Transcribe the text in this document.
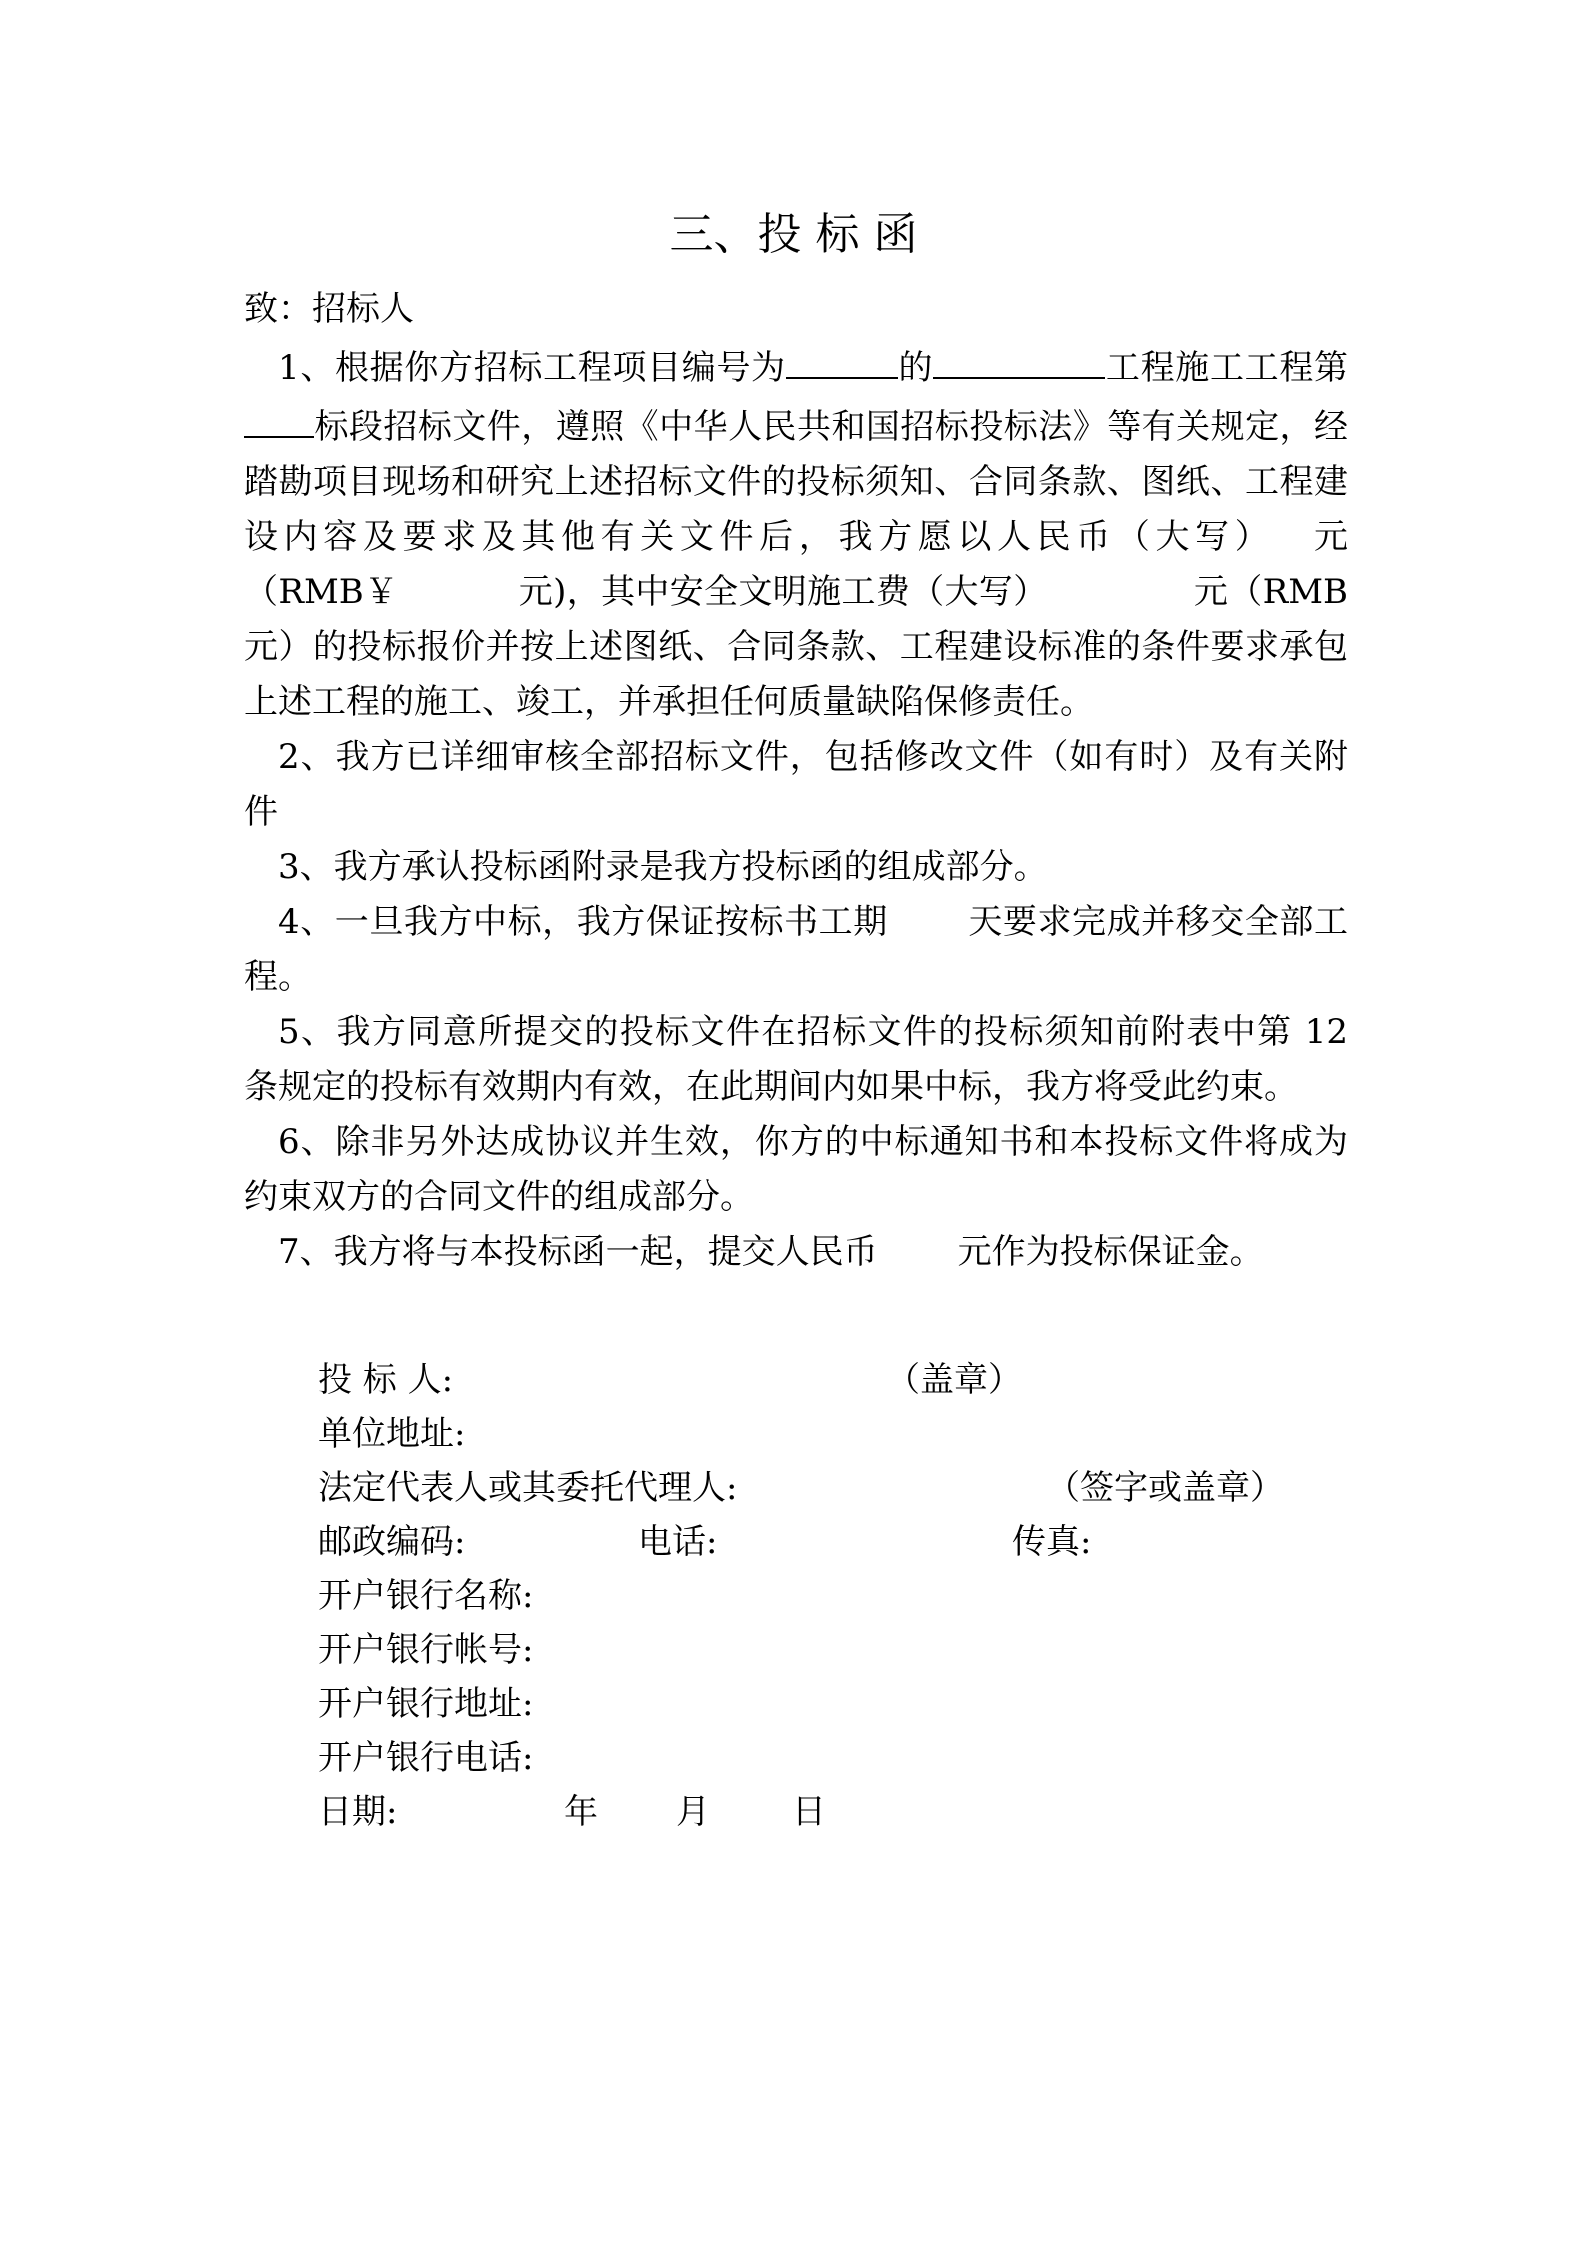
三、投 标 函

致：招标人

1、根据你方招标工程项目编号为	的	工程施工工程第标段招标文件，遵照《中华人民共和国招标投标法》等有关规定，经踏勘项目现场和研究上述招标文件的投标须知、合同条款、图纸、工程建设内容及要求及其他有关文件后，我方愿以人民币（大写） 元（RMB￥	元)，其中安全文明施工费（大写）	元（RMB 元）的投标报价并按上述图纸、合同条款、工程建设标准的条件要求承包上述工程的施工、竣工，并承担任何质量缺陷保修责任。

2、我方已详细审核全部招标文件，包括修改文件（如有时）及有关附件

3、我方承认投标函附录是我方投标函的组成部分。

4、一旦我方中标，我方保证按标书工期 天要求完成并移交全部工程。

5、我方同意所提交的投标文件在招标文件的投标须知前附表中第 12 条规定的投标有效期内有效，在此期间内如果中标，我方将受此约束。

6、除非另外达成协议并生效，你方的中标通知书和本投标文件将成为约束双方的合同文件的组成部分。

7、我方将与本投标函一起，提交人民币 元作为投标保证金。

投 标 人:	（盖章）
单位地址:
法定代表人或其委托代理人:	（签字或盖章）
邮政编码:	电话:	传真:
开户银行名称:
开户银行帐号:
开户银行地址:
开户银行电话:
日期:	年 月 日
